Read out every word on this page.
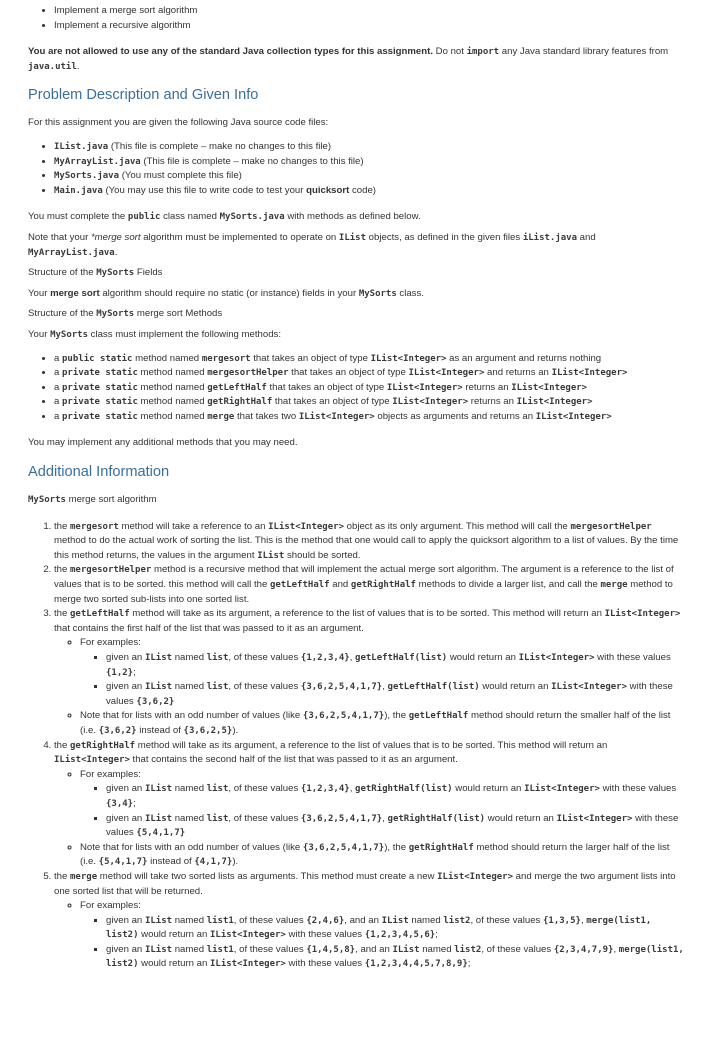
• Implement a merge sort algorithm
• Implement a recursive algorithm

You are not allowed to use any of the standard Java collection types for this assignment. Do not import any Java standard library features from java.util.

Problem Description and Given Info

For this assignment you are given the following Java source code files:

• IList.java (This file is complete – make no changes to this file)
• MyArrayList.java (This file is complete – make no changes to this file)
• MySorts.java (You must complete this file)
• Main.java (You may use this file to write code to test your quicksort code)

You must complete the public class named MySorts.java with methods as defined below.

Note that your *merge sort algorithm must be implemented to operate on IList objects, as defined in the given files iList.java and MyArrayList.java.

Structure of the MySorts Fields

Your merge sort algorithm should require no static (or instance) fields in your MySorts class.

Structure of the MySorts merge sort Methods

Your MySorts class must implement the following methods:

• a public static method named mergesort that takes an object of type IList<Integer> as an argument and returns nothing
• a private static method named mergesortHelper that takes an object of type IList<Integer> and returns an IList<Integer>
• a private static method named getLeftHalf that takes an object of type IList<Integer> returns an IList<Integer>
• a private static method named getRightHalf that takes an object of type IList<Integer> returns an IList<Integer>
• a private static method named merge that takes two IList<Integer> objects as arguments and returns an IList<Integer>

You may implement any additional methods that you may need.

Additional Information

MySorts merge sort algorithm

1. the mergesort method will take a reference to an IList<Integer> object as its only argument. This method will call the mergesortHelper method to do the actual work of sorting the list. This is the method that one would call to apply the quicksort algorithm to a list of values. By the time this method returns, the values in the argument IList should be sorted.
2. the mergesortHelper method is a recursive method that will implement the actual merge sort algorithm. The argument is a reference to the list of values that is to be sorted. this method will call the getLeftHalf and getRightHalf methods to divide a larger list, and call the merge method to merge two sorted sub-lists into one sorted list.
3. the getLeftHalf method will take as its argument, a reference to the list of values that is to be sorted. This method will return an IList<Integer> that contains the first half of the list that was passed to it as an argument.
◦ For examples:
▪ given an IList named list, of these values {1,2,3,4}, getLeftHalf(list) would return an IList<Integer> with these values {1,2};
▪ given an IList named list, of these values {3,6,2,5,4,1,7}, getLeftHalf(list) would return an IList<Integer> with these values {3,6,2}
◦ Note that for lists with an odd number of values (like {3,6,2,5,4,1,7}), the getLeftHalf method should return the smaller half of the list (i.e. {3,6,2} instead of {3,6,2,5}).
4. the getRightHalf method will take as its argument, a reference to the list of values that is to be sorted. This method will return an IList<Integer> that contains the second half of the list that was passed to it as an argument.
◦ For examples:
▪ given an IList named list, of these values {1,2,3,4}, getRightHalf(list) would return an IList<Integer> with these values {3,4};
▪ given an IList named list, of these values {3,6,2,5,4,1,7}, getRightHalf(list) would return an IList<Integer> with these values {5,4,1,7}
◦ Note that for lists with an odd number of values (like {3,6,2,5,4,1,7}), the getRightHalf method should return the larger half of the list (i.e. {5,4,1,7} instead of {4,1,7}).
5. the merge method will take two sorted lists as arguments. This method must create a new IList<Integer> and merge the two argument lists into one sorted list that will be returned.
◦ For examples:
▪ given an IList named list1, of these values {2,4,6}, and an IList named list2, of these values {1,3,5}, merge(list1, list2) would return an IList<Integer> with these values {1,2,3,4,5,6};
▪ given an IList named list1, of these values {1,4,5,8}, and an IList named list2, of these values {2,3,4,7,9}, merge(list1, list2) would return an IList<Integer> with these values {1,2,3,4,4,5,7,8,9};
